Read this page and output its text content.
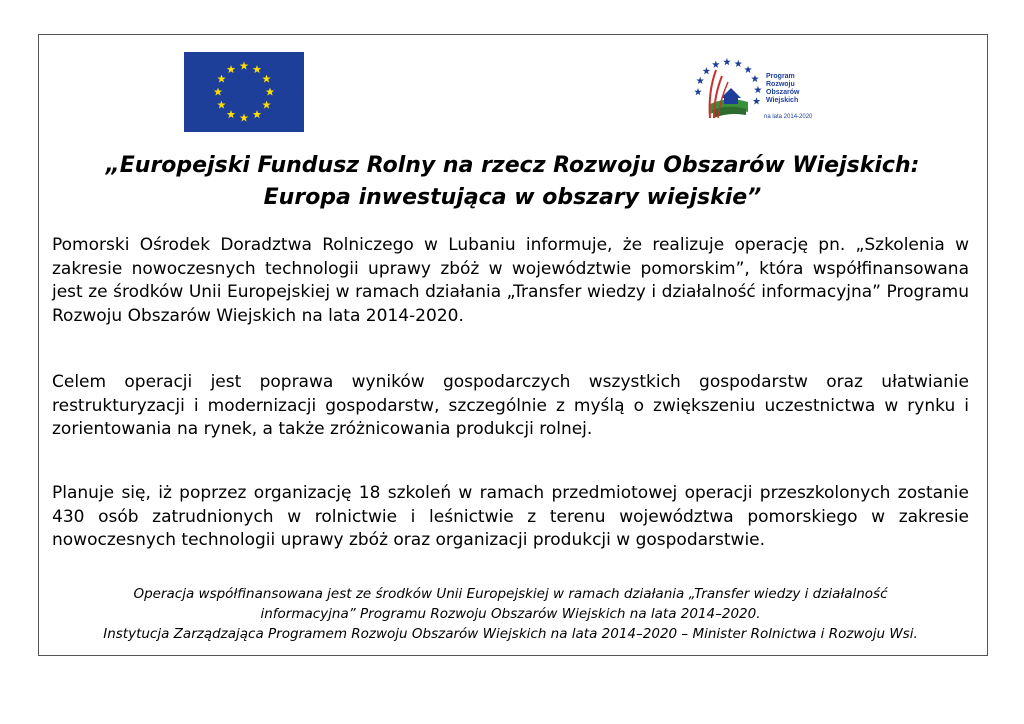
Program
Rozwoju
Obszarów
Wiejskich
na lata 2014-2020
„Europejski Fundusz Rolny na rzecz Rozwoju Obszarów Wiejskich:
Europa inwestująca w obszary wiejskie”
Pomorski Ośrodek Doradztwa Rolniczego w Lubaniu informuje, że realizuje operację pn. „Szkolenia w zakresie nowoczesnych technologii uprawy zbóż w województwie pomorskim”, która współfinansowana jest ze środków Unii Europejskiej w ramach działania „Transfer wiedzy i działalność informacyjna” Programu Rozwoju Obszarów Wiejskich na lata 2014-2020.
Celem operacji jest poprawa wyników gospodarczych wszystkich gospodarstw oraz ułatwianie restrukturyzacji i modernizacji gospodarstw, szczególnie z myślą o zwiększeniu uczestnictwa w rynku i zorientowania na rynek, a także zróżnicowania produkcji rolnej.
Planuje się, iż poprzez organizację 18 szkoleń w ramach przedmiotowej operacji przeszkolonych zostanie 430 osób zatrudnionych w rolnictwie i leśnictwie z terenu województwa pomorskiego w zakresie nowoczesnych technologii uprawy zbóż oraz organizacji produkcji w gospodarstwie.
Operacja współfinansowana jest ze środków Unii Europejskiej w ramach działania „Transfer wiedzy i działalność
informacyjna” Programu Rozwoju Obszarów Wiejskich na lata 2014–2020.
Instytucja Zarządzająca Programem Rozwoju Obszarów Wiejskich na lata 2014–2020 – Minister Rolnictwa i Rozwoju Wsi.
